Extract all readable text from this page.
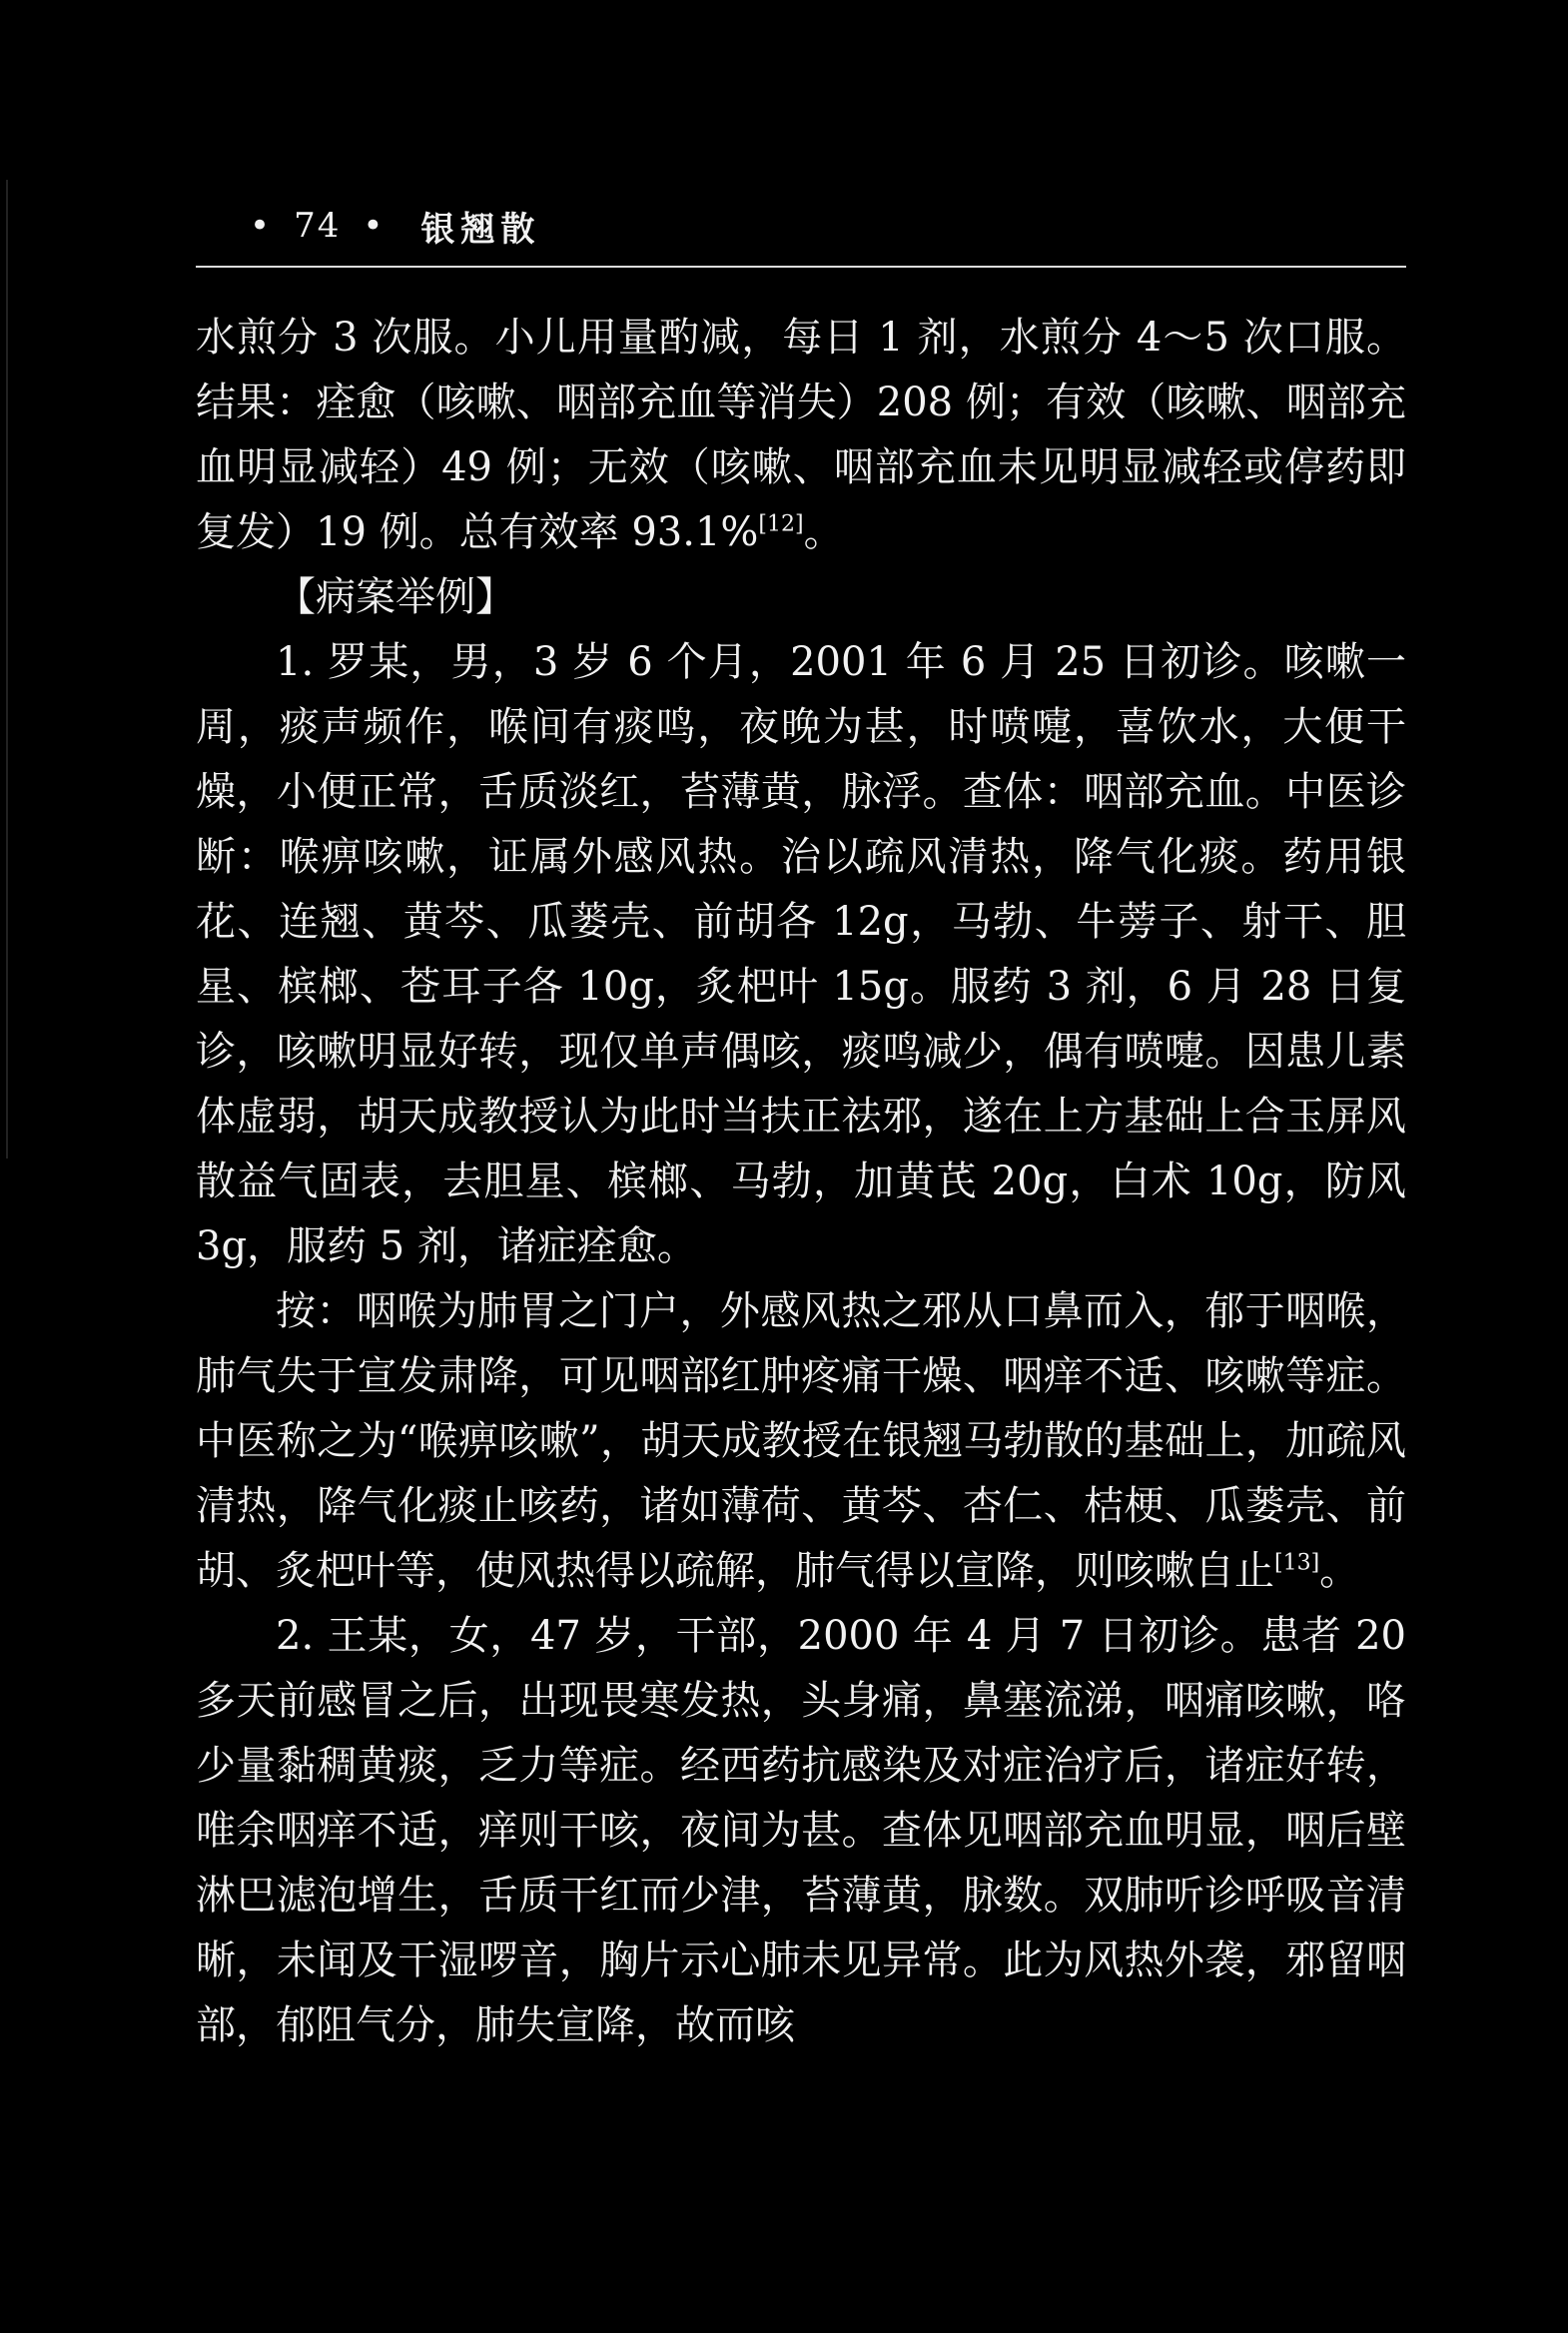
• 74 • 银翘散

水煎分 3 次服。小儿用量酌减，每日 1 剂，水煎分 4～5 次口服。结果：痊愈（咳嗽、咽部充血等消失）208 例；有效（咳嗽、咽部充血明显减轻）49 例；无效（咳嗽、咽部充血未见明显减轻或停药即复发）19 例。总有效率 93.1%[12]。

【病案举例】

1. 罗某，男，3 岁 6 个月，2001 年 6 月 25 日初诊。咳嗽一周，痰声频作，喉间有痰鸣，夜晚为甚，时喷嚏，喜饮水，大便干燥，小便正常，舌质淡红，苔薄黄，脉浮。查体：咽部充血。中医诊断：喉痹咳嗽，证属外感风热。治以疏风清热，降气化痰。药用银花、连翘、黄芩、瓜蒌壳、前胡各 12g，马勃、牛蒡子、射干、胆星、槟榔、苍耳子各 10g，炙杷叶 15g。服药 3 剂，6 月 28 日复诊，咳嗽明显好转，现仅单声偶咳，痰鸣减少，偶有喷嚏。因患儿素体虚弱，胡天成教授认为此时当扶正祛邪，遂在上方基础上合玉屏风散益气固表，去胆星、槟榔、马勃，加黄芪 20g，白术 10g，防风 3g，服药 5 剂，诸症痊愈。

按：咽喉为肺胃之门户，外感风热之邪从口鼻而入，郁于咽喉，肺气失于宣发肃降，可见咽部红肿疼痛干燥、咽痒不适、咳嗽等症。中医称之为“喉痹咳嗽”，胡天成教授在银翘马勃散的基础上，加疏风清热，降气化痰止咳药，诸如薄荷、黄芩、杏仁、桔梗、瓜蒌壳、前胡、炙杷叶等，使风热得以疏解，肺气得以宣降，则咳嗽自止[13]。

2. 王某，女，47 岁，干部，2000 年 4 月 7 日初诊。患者 20 多天前感冒之后，出现畏寒发热，头身痛，鼻塞流涕，咽痛咳嗽，咯少量黏稠黄痰，乏力等症。经西药抗感染及对症治疗后，诸症好转，唯余咽痒不适，痒则干咳，夜间为甚。查体见咽部充血明显，咽后壁淋巴滤泡增生，舌质干红而少津，苔薄黄，脉数。双肺听诊呼吸音清晰，未闻及干湿啰音，胸片示心肺未见异常。此为风热外袭，邪留咽部，郁阻气分，肺失宣降，故而咳
